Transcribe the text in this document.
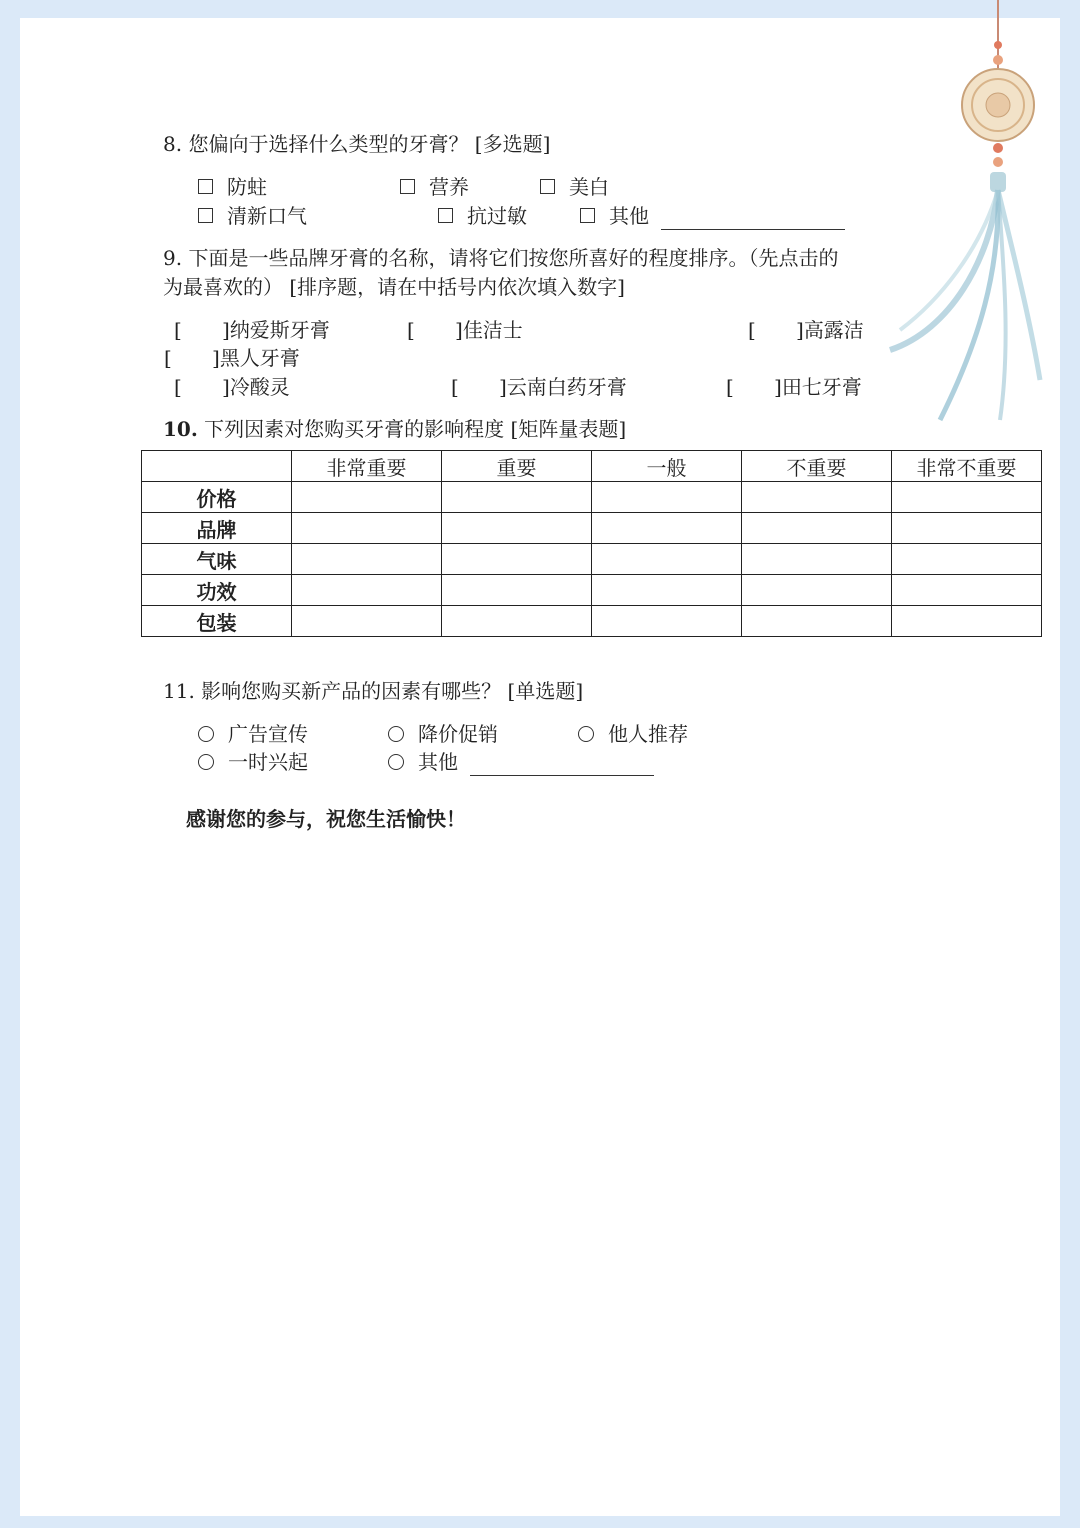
8. 您偏向于选择什么类型的牙膏？ [多选题]
防蛀	营养	美白
清新口气	抗过敏	其他
9. 下面是一些品牌牙膏的名称，请将它们按您所喜好的程度排序。（先点击的
为最喜欢的） [排序题，请在中括号内依次填入数字]
[ ]纳爱斯牙膏	[ ]佳洁士	[ ]高露洁
[ ]黑人牙膏
[ ]冷酸灵	[ ]云南白药牙膏	[ ]田七牙膏
10. 下列因素对您购买牙膏的影响程度 [矩阵量表题]
	非常重要	重要	一般	不重要	非常不重要
价格					
品牌					
气味					
功效					
包装					
11. 影响您购买新产品的因素有哪些？ [单选题]
广告宣传	降价促销	他人推荐
一时兴起	其他
感谢您的参与，祝您生活愉快！
